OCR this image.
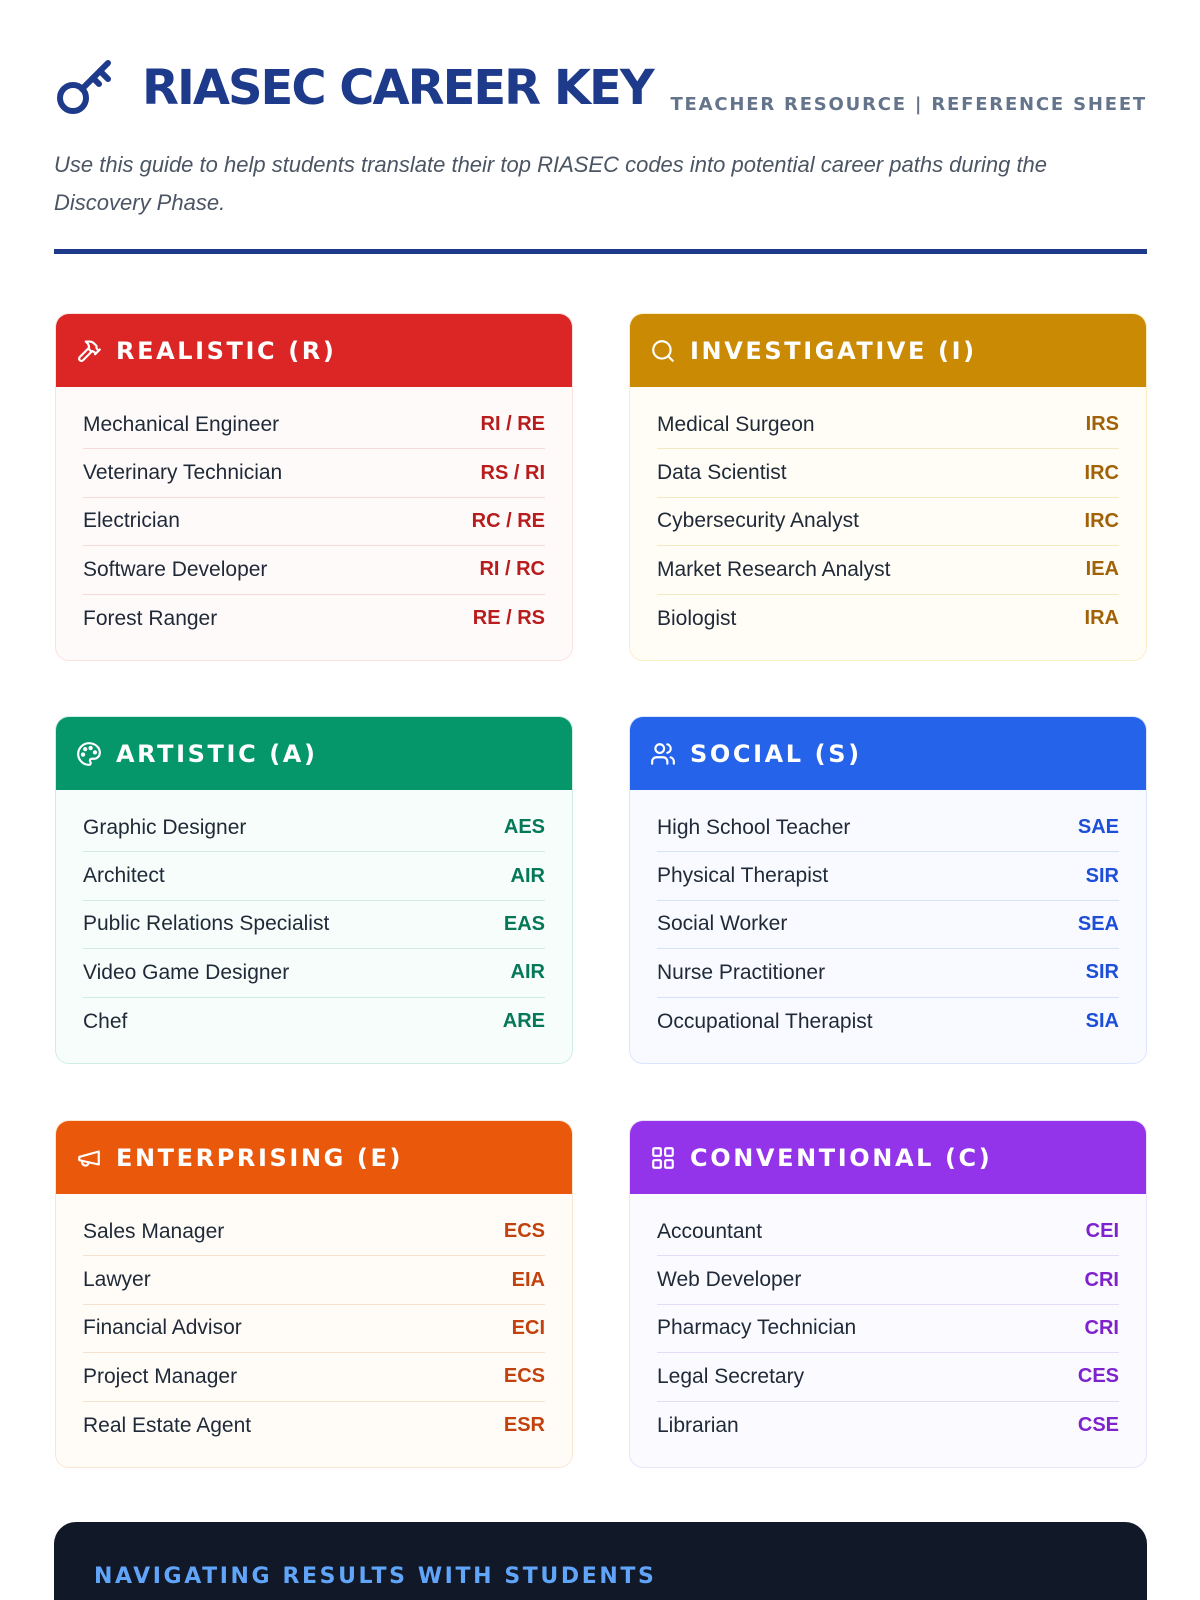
RIASEC CAREER KEY TEACHER RESOURCE | REFERENCE SHEET

Use this guide to help students translate their top RIASEC codes into potential career paths during the Discovery Phase.

REALISTIC (R)
Mechanical Engineer	RI / RE
Veterinary Technician	RS / RI
Electrician	RC / RE
Software Developer	RI / RC
Forest Ranger	RE / RS
INVESTIGATIVE (I)
Medical Surgeon	IRS
Data Scientist	IRC
Cybersecurity Analyst	IRC
Market Research Analyst	IEA
Biologist	IRA
ARTISTIC (A)
Graphic Designer	AES
Architect	AIR
Public Relations Specialist	EAS
Video Game Designer	AIR
Chef	ARE
SOCIAL (S)
High School Teacher	SAE
Physical Therapist	SIR
Social Worker	SEA
Nurse Practitioner	SIR
Occupational Therapist	SIA
ENTERPRISING (E)
Sales Manager	ECS
Lawyer	EIA
Financial Advisor	ECI
Project Manager	ECS
Real Estate Agent	ESR
CONVENTIONAL (C)
Accountant	CEI
Web Developer	CRI
Pharmacy Technician	CRI
Legal Secretary	CES
Librarian	CSE
NAVIGATING RESULTS WITH STUDENTS
